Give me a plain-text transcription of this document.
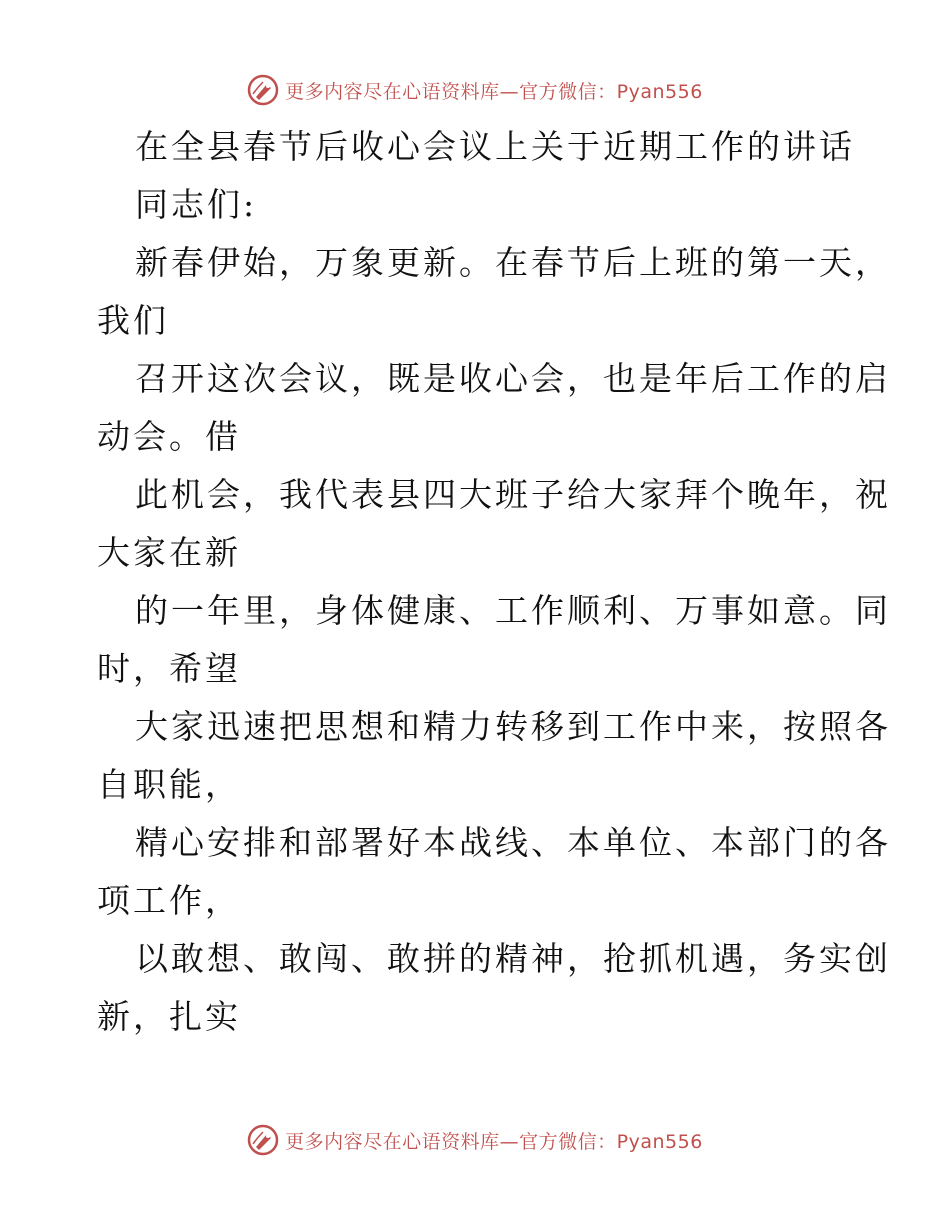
更多内容尽在心语资料库—官方微信：Pyan556
在全县春节后收心会议上关于近期工作的讲话
同志们:
新春伊始，万象更新。在春节后上班的第一天，
我们
召开这次会议，既是收心会，也是年后工作的启
动会。借
此机会，我代表县四大班子给大家拜个晚年，祝
大家在新
的一年里，身体健康、工作顺利、万事如意。同
时，希望
大家迅速把思想和精力转移到工作中来，按照各
自职能，
精心安排和部署好本战线、本单位、本部门的各
项工作，
以敢想、敢闯、敢拼的精神，抢抓机遇，务实创
新，扎实
更多内容尽在心语资料库—官方微信：Pyan556
